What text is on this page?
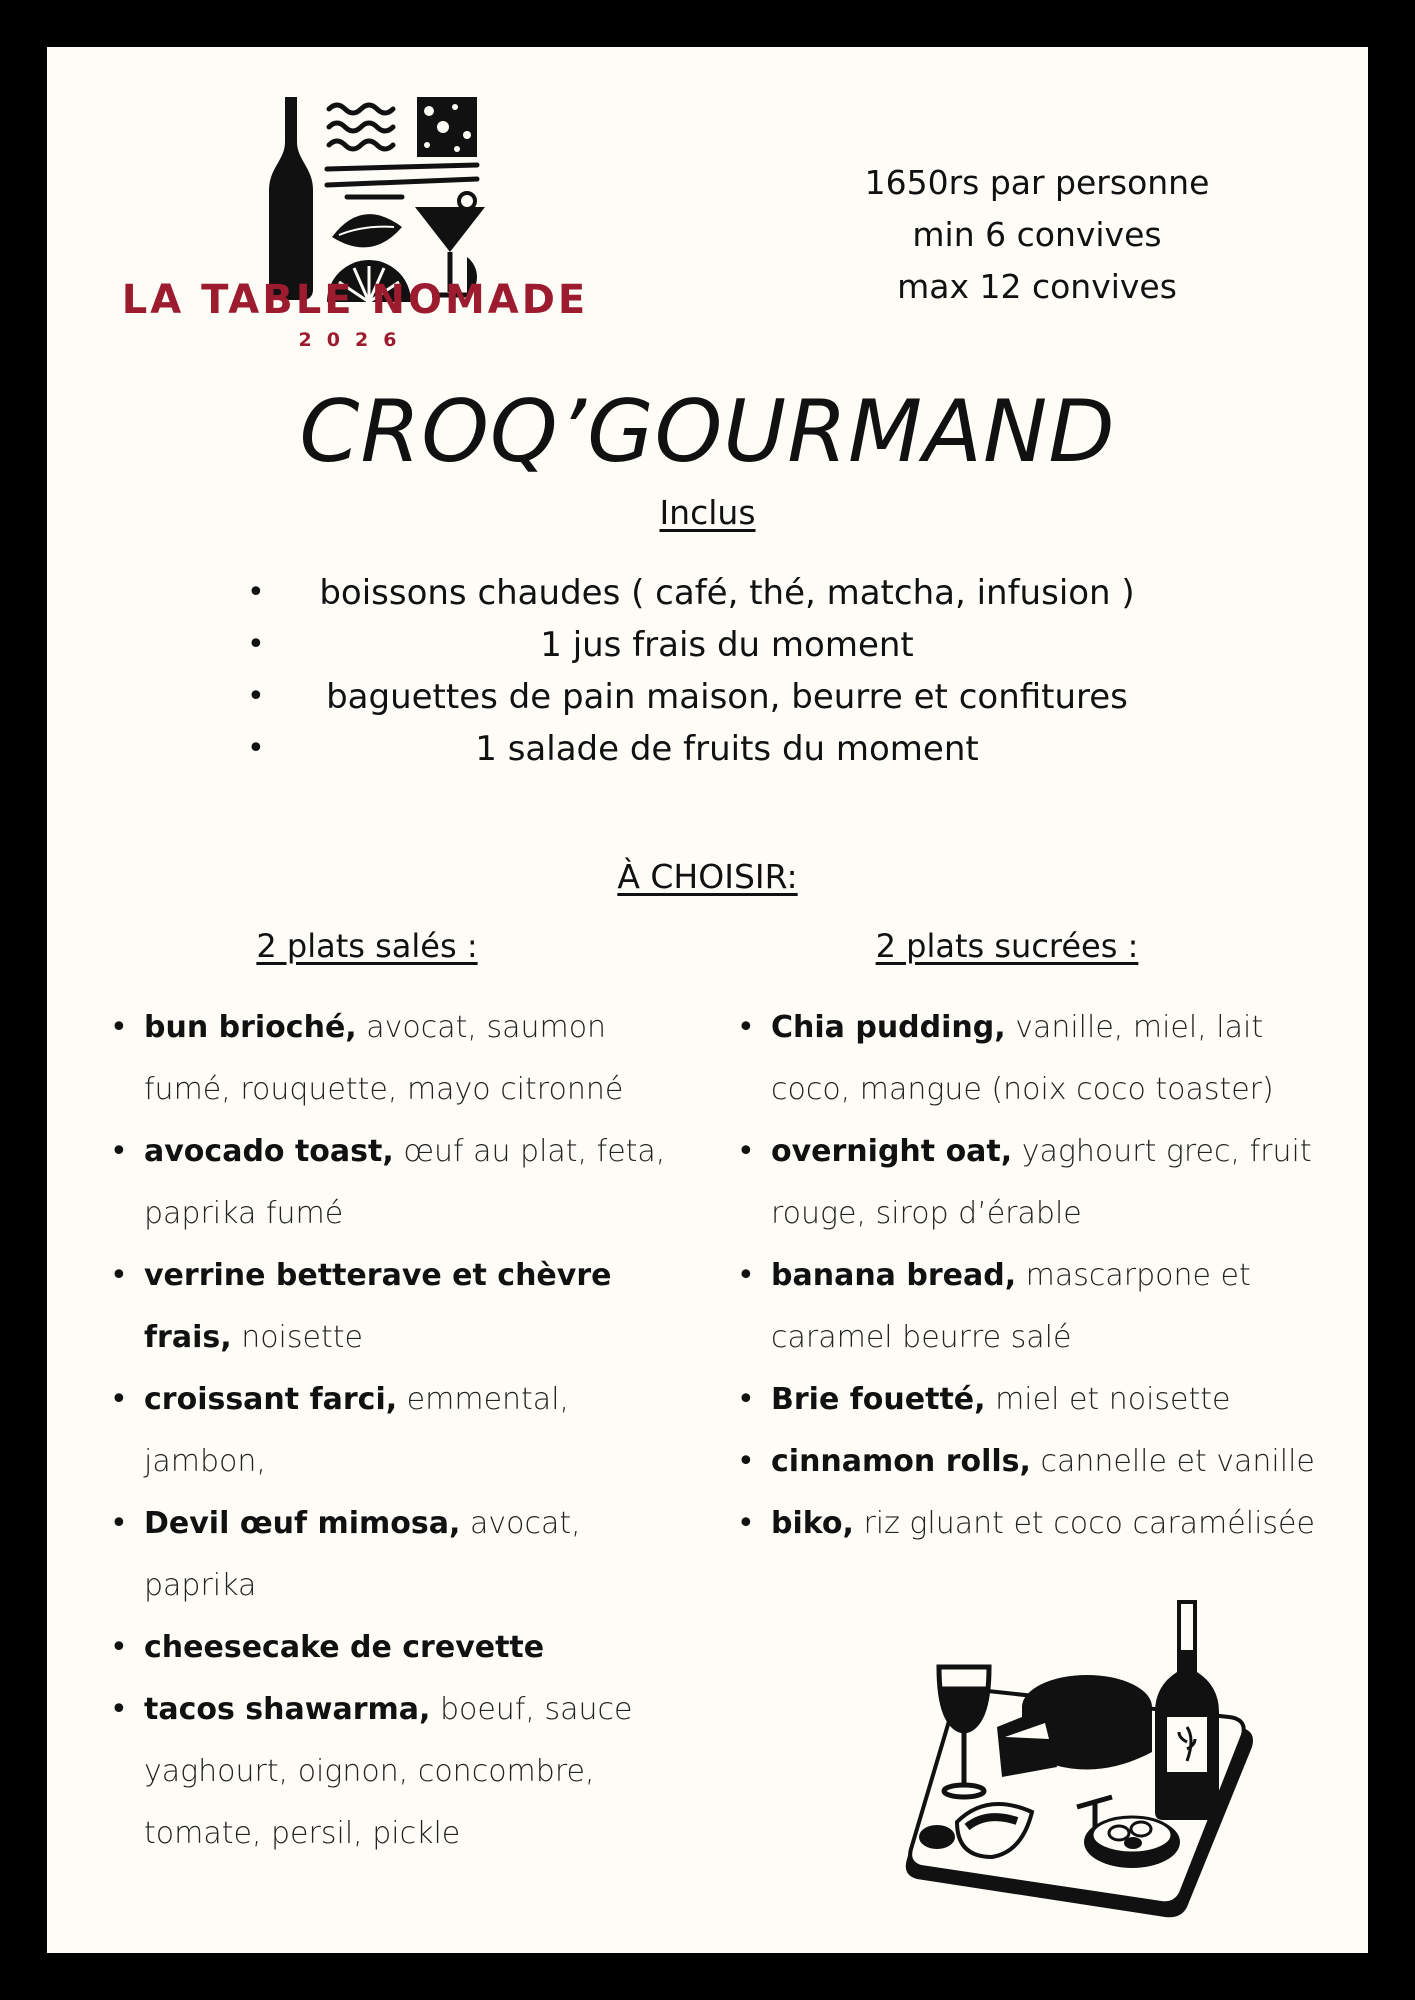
LA TABLE NOMADE
2026
1650rs par personne
min 6 convives
max 12 convives
CROQ’GOURMAND
Inclus
• boissons chaudes ( café, thé, matcha, infusion )
• 1 jus frais du moment
• baguettes de pain maison, beurre et confitures
• 1 salade de fruits du moment
À CHOISIR:
2 plats salés :	2 plats sucrées :
• bun brioché, avocat, saumon fumé, rouquette, mayo citronné
• avocado toast, œuf au plat, feta, paprika fumé
• verrine betterave et chèvre frais, noisette
• croissant farci, emmental, jambon,
• Devil œuf mimosa, avocat, paprika
• cheesecake de crevette
• tacos shawarma, boeuf, sauce yaghourt, oignon, concombre, tomate, persil, pickle
• Chia pudding, vanille, miel, lait coco, mangue (noix coco toaster)
• overnight oat, yaghourt grec, fruit rouge, sirop d’érable
• banana bread, mascarpone et caramel beurre salé
• Brie fouetté, miel et noisette
• cinnamon rolls, cannelle et vanille
• biko, riz gluant et coco caramélisée
